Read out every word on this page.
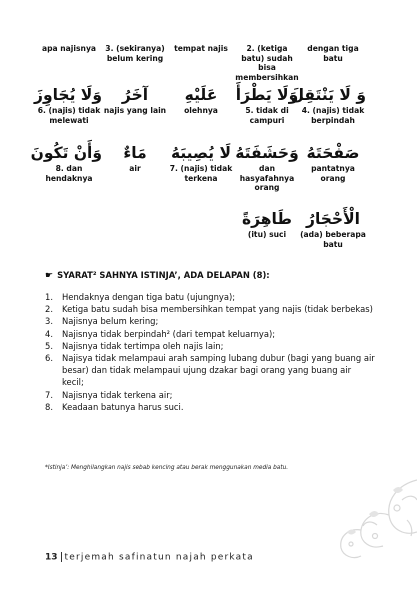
dengan tiga batu
2. (ketiga batu) sudah bisa membersihkan
tempat najis
3. (sekiranya) belum kering
apa najisnya
وَ لَا يَنْتَقِلَ
4. (najis) tidak berpindah
وَلَا يَطْرَأَ
5. tidak di campuri
عَلَيْهِ
olehnya
آخَرُ
najis yang lain
وَلَا يُجَاوِزَ
6. (najis) tidak melewati
صَفْحَتَهُ
pantatnya orang
وَحَشَفَتَهُ
dan hasyafahnya orang
لَا يُصِيبَهُ
7. (najis) tidak terkena
مَاءٌ
air
وَأَنْ تَكُونَ
8. dan hendaknya
الْأَحْجَارُ
(ada) beberapa batu
طَاهِرَةً
(itu) suci
☛ SYARAT² SAHNYA ISTINJA’, ADA DELAPAN (8):
1. Hendaknya dengan tiga batu (ujungnya);
2. Ketiga batu sudah bisa membersihkan tempat yang najis (tidak berbekas)
3. Najisnya belum kering;
4. Najisnya tidak berpindah² (dari tempat keluarnya);
5. Najisnya tidak tertimpa oleh najis lain;
6. Najisya tidak melampaui arah samping lubang dubur (bagi yang buang air besar) dan tidak melampaui ujung dzakar bagi orang yang buang air kecil;
7. Najisnya tidak terkena air;
8. Keadaan batunya harus suci.
*Istinja’: Menghilangkan najis sebab kencing atau berak menggunakan media batu.
13 terjemah safinatun najah perkata
